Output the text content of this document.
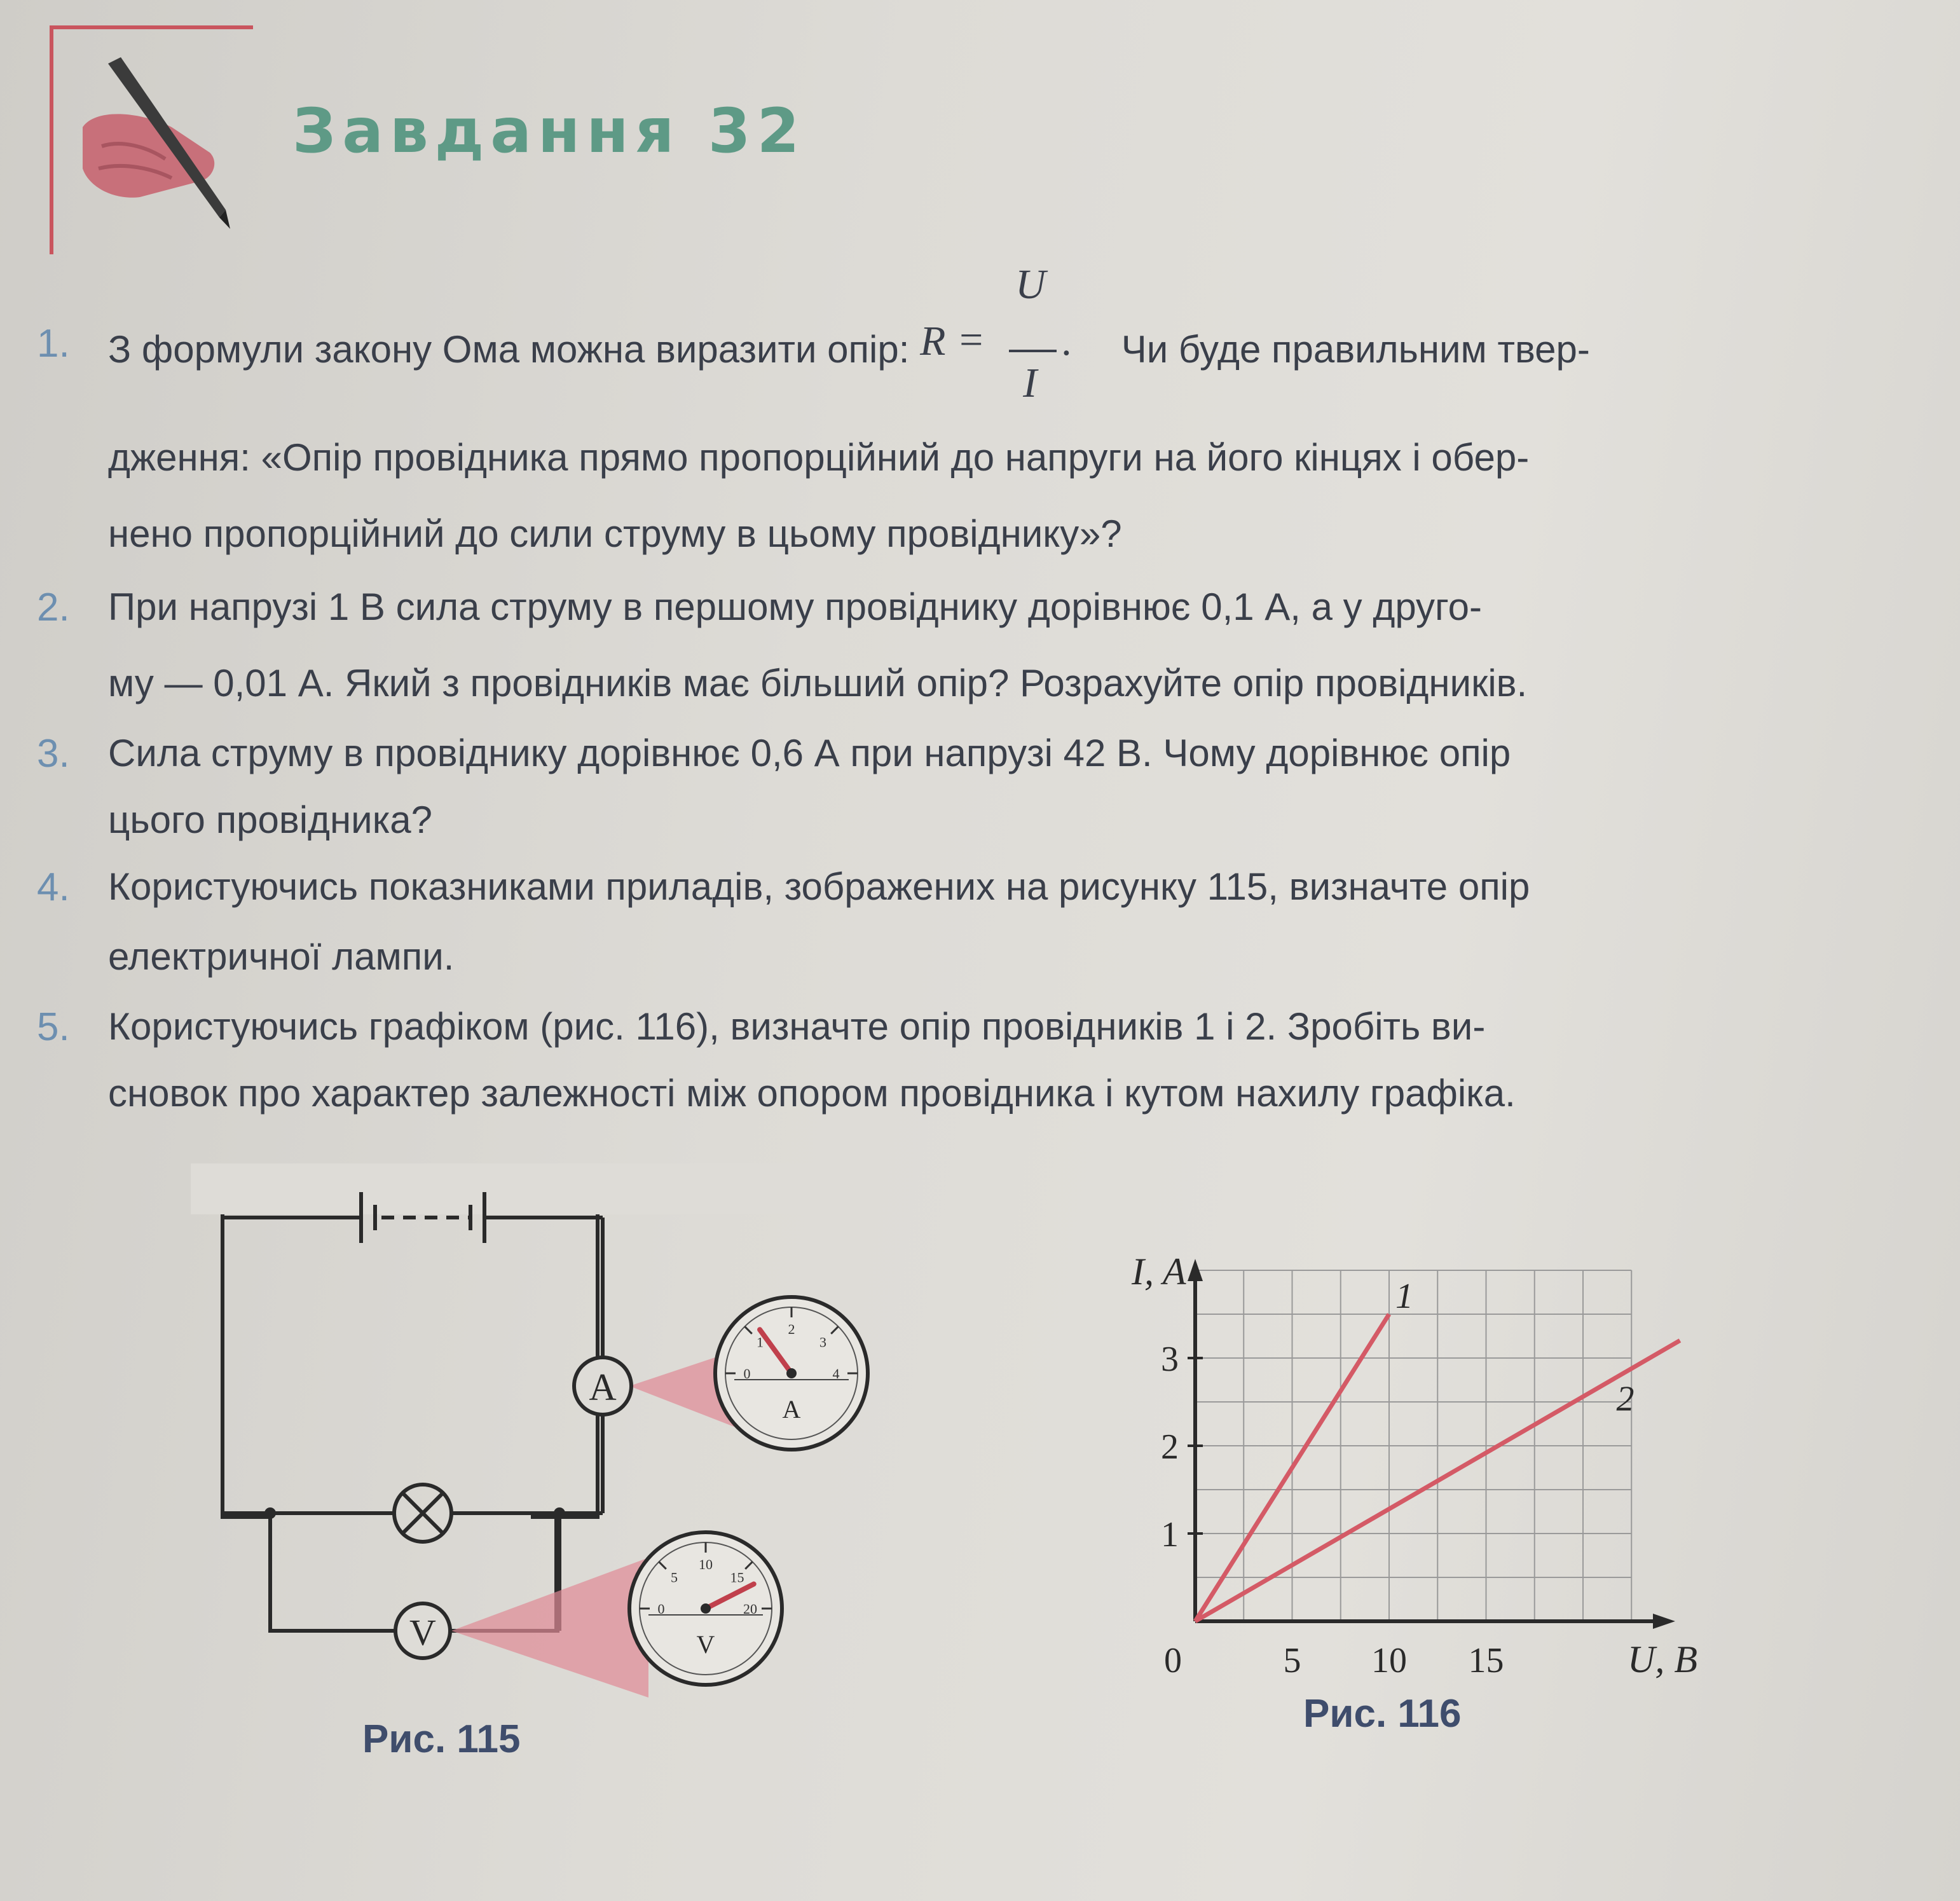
Завдання 32
1. З формули закону Ома можна виразити опір: R =
U
I
. Чи буде правильним твер-
дження: «Опір провідника прямо пропорційний до напруги на його кінцях і обер-
нено пропорційний до сили струму в цьому провіднику»?
2. При напрузі 1 В сила струму в першому провіднику дорівнює 0,1 А, а у друго-
му — 0,01 А. Який з провідників має більший опір? Розрахуйте опір провідників.
3. Сила струму в провіднику дорівнює 0,6 А при напрузі 42 В. Чому дорівнює опір
цього провідника?
4. Користуючись показниками приладів, зображених на рисунку 115, визначте опір
електричної лампи.
5. Користуючись графіком (рис. 116), визначте опір провідників 1 і 2. Зробіть ви-
сновок про характер залежності між опором провідника і кутом нахилу графіка.
A
V
0
1
2
3
4
A
0
5
10
15
20
V
Рис. 115
1
2
3
0	5 10 15
I, A
U, В
1
2
Рис. 116
